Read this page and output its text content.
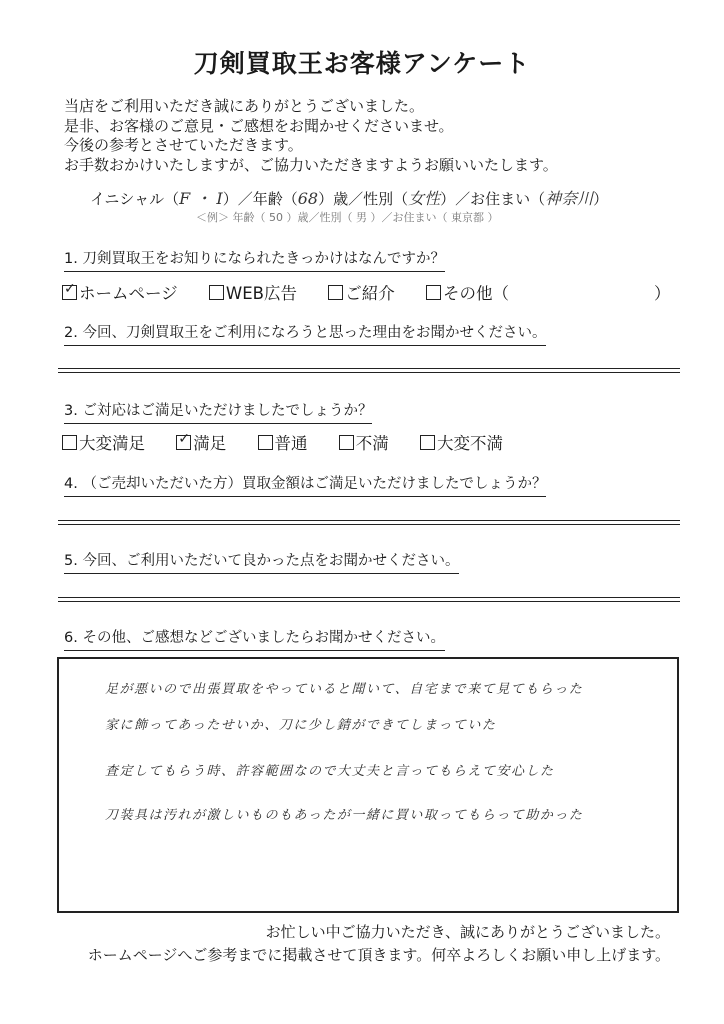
刀剣買取王お客様アンケート
当店をご利用いただき誠にありがとうございました。
是非、お客様のご意見・ご感想をお聞かせくださいませ。
今後の参考とさせていただきます。
お手数おかけいたしますが、ご協力いただきますようお願いいたします。
イニシャル（F ・ I）／年齢（68）歳／性別（女性）／お住まい（神奈川）
＜例＞ 年齢（ 50 ）歳／性別（ 男 ）／お住まい（ 東京都 ）
1. 刀剣買取王をお知りになられたきっかけはなんですか？
✓ホームページ	WEB広告	ご紹介	その他（	）
2. 今回、刀剣買取王をご利用になろうと思った理由をお聞かせください。
3. ご対応はご満足いただけましたでしょうか？
大変満足 ✓	満足	普通	不満	大変不満
4. （ご売却いただいた方）買取金額はご満足いただけましたでしょうか？
5. 今回、ご利用いただいて良かった点をお聞かせください。
6. その他、ご感想などございましたらお聞かせください。
足が悪いので出張買取をやっていると聞いて、自宅まで来て見てもらった
家に飾ってあったせいか、刀に少し錆ができてしまっていた
査定してもらう時、許容範囲なので大丈夫と言ってもらえて安心した
刀装具は汚れが激しいものもあったが一緒に買い取ってもらって助かった
お忙しい中ご協力いただき、誠にありがとうございました。
ホームページへご参考までに掲載させて頂きます。何卒よろしくお願い申し上げます。
